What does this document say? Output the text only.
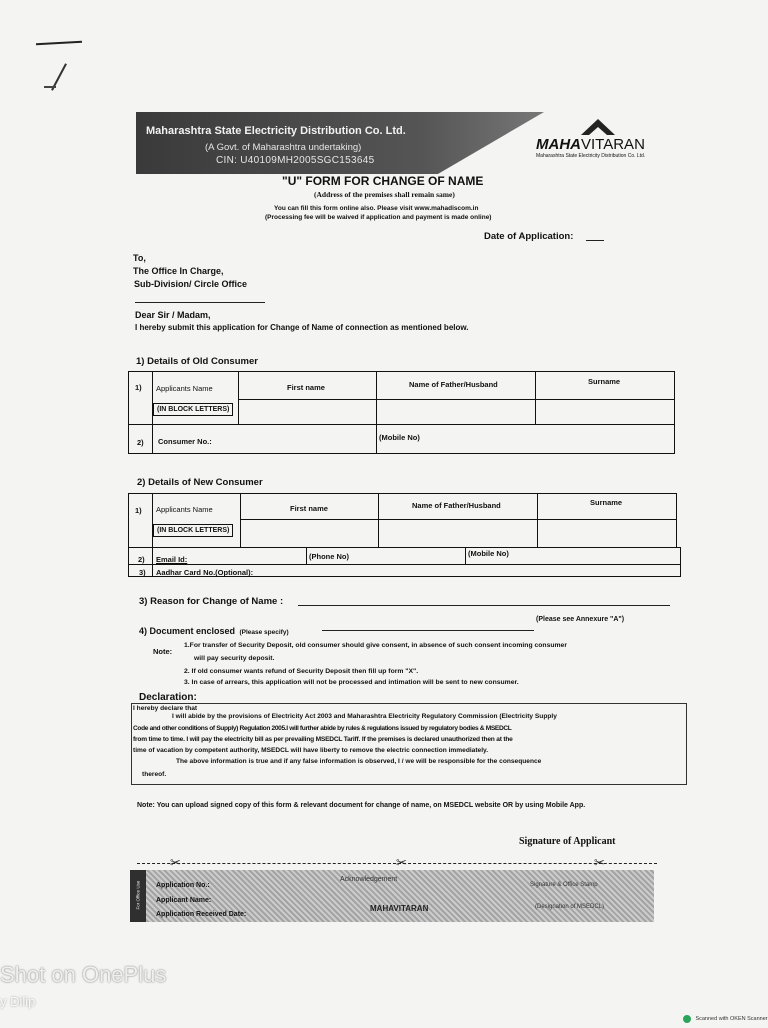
Maharashtra State Electricity Distribution Co. Ltd.
(A Govt. of Maharashtra undertaking)
CIN: U40109MH2005SGC153645
MAHAVITARAN
Maharashtra State Electricity Distribution Co. Ltd.
"U" FORM FOR CHANGE OF NAME
(Address of the premises shall remain same)
You can fill this form online also. Please visit www.mahadiscom.in
(Processing fee will be waived if application and payment is made online)
Date of Application:
To,
The Office In Charge,
Sub-Division/ Circle Office
Dear Sir / Madam,
I hereby submit this application for Change of Name of connection as mentioned below.
1) Details of Old Consumer
1)	Applicants Name
(IN BLOCK LETTERS)
First name	Name of Father/Husband	Surname
2)	Consumer No.:	(Mobile No)
2) Details of New Consumer
1)	Applicants Name
(IN BLOCK LETTERS)
First name	Name of Father/Husband	Surname
2)	Email Id:	(Phone No)	(Mobile No)
3)	Aadhar Card No.(Optional):
3) Reason for Change of Name :
4) Document enclosed (Please specify)
(Please see Annexure "A")
Note:
1.For transfer of Security Deposit, old consumer should give consent, in absence of such consent incoming consumer
will pay security deposit.
2. If old consumer wants refund of Security Deposit then fill up form "X".
3. In case of arrears, this application will not be processed and intimation will be sent to new consumer.
Declaration:
I hereby declare that
I will abide by the provisions of Electricity Act 2003 and Maharashtra Electricity Regulatory Commission (Electricity Supply
Code and other conditions of Supply) Regulation 2005.I will further abide by rules & regulations issued by regulatory bodies & MSEDCL
from time to time. I will pay the electricity bill as per prevailing MSEDCL Tariff. If the premises is declared unauthorized then at the
time of vacation by competent authority, MSEDCL will have liberty to remove the electric connection immediately.
The above information is true and if any false information is observed, I / we will be responsible for the consequence
thereof.
Note: You can upload signed copy of this form & relevant document for change of name, on MSEDCL website OR by using Mobile App.
Signature of Applicant
✂	✂	✂
For Office Use Application No.:
Applicant Name:
Application Received Date:
Acknowledgement
MAHAVITARAN
Signature & Office Stamp
(Designation of MSEDCL)
Shot on OnePlus
y Dilip
Scanned with OKEN Scanner
